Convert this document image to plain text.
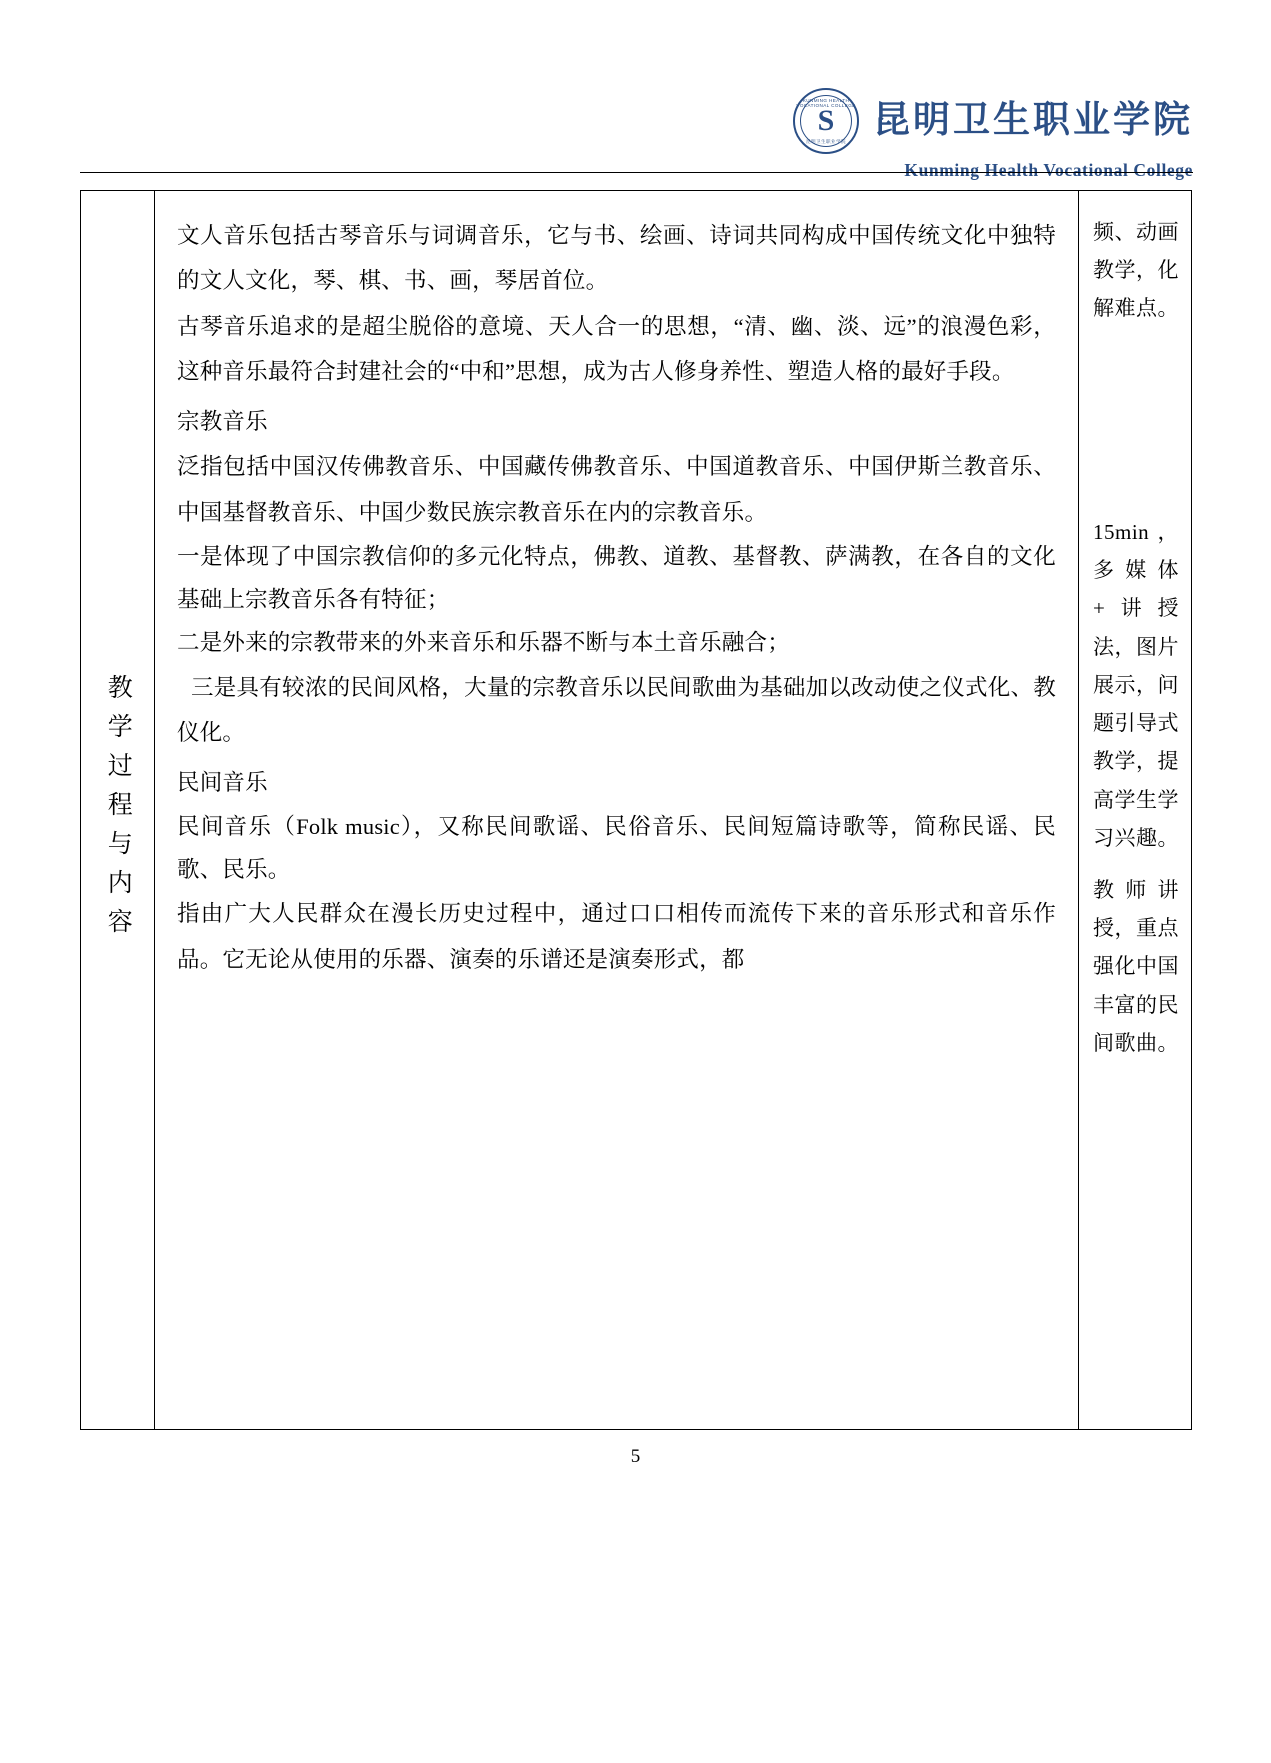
KUNMING HEALTH VOCATIONAL COLLEGE
S
昆明卫生职业学院
昆明卫生职业学院
Kunming Health Vocational College
教学过程与内容

文人音乐包括古琴音乐与词调音乐，它与书、绘画、诗词共同构成中国传统文化中独特的文人文化，琴、棋、书、画，琴居首位。

古琴音乐追求的是超尘脱俗的意境、天人合一的思想，“清、幽、淡、远”的浪漫色彩，这种音乐最符合封建社会的“中和”思想，成为古人修身养性、塑造人格的最好手段。

宗教音乐

泛指包括中国汉传佛教音乐、中国藏传佛教音乐、中国道教音乐、中国伊斯兰教音乐、中国基督教音乐、中国少数民族宗教音乐在内的宗教音乐。

一是体现了中国宗教信仰的多元化特点，佛教、道教、基督教、萨满教，在各自的文化基础上宗教音乐各有特征；

二是外来的宗教带来的外来音乐和乐器不断与本土音乐融合；

三是具有较浓的民间风格，大量的宗教音乐以民间歌曲为基础加以改动使之仪式化、教仪化。

民间音乐

民间音乐（Folk music），又称民间歌谣、民俗音乐、民间短篇诗歌等，简称民谣、民歌、民乐。

指由广大人民群众在漫长历史过程中，通过口口相传而流传下来的音乐形式和音乐作品。它无论从使用的乐器、演奏的乐谱还是演奏形式，都

频、动画教学，化解难点。
15min，多媒体+讲授法，图片展示，问题引导式教学，提高学生学习兴趣。
教师讲授，重点强化中国丰富的民间歌曲。
5
